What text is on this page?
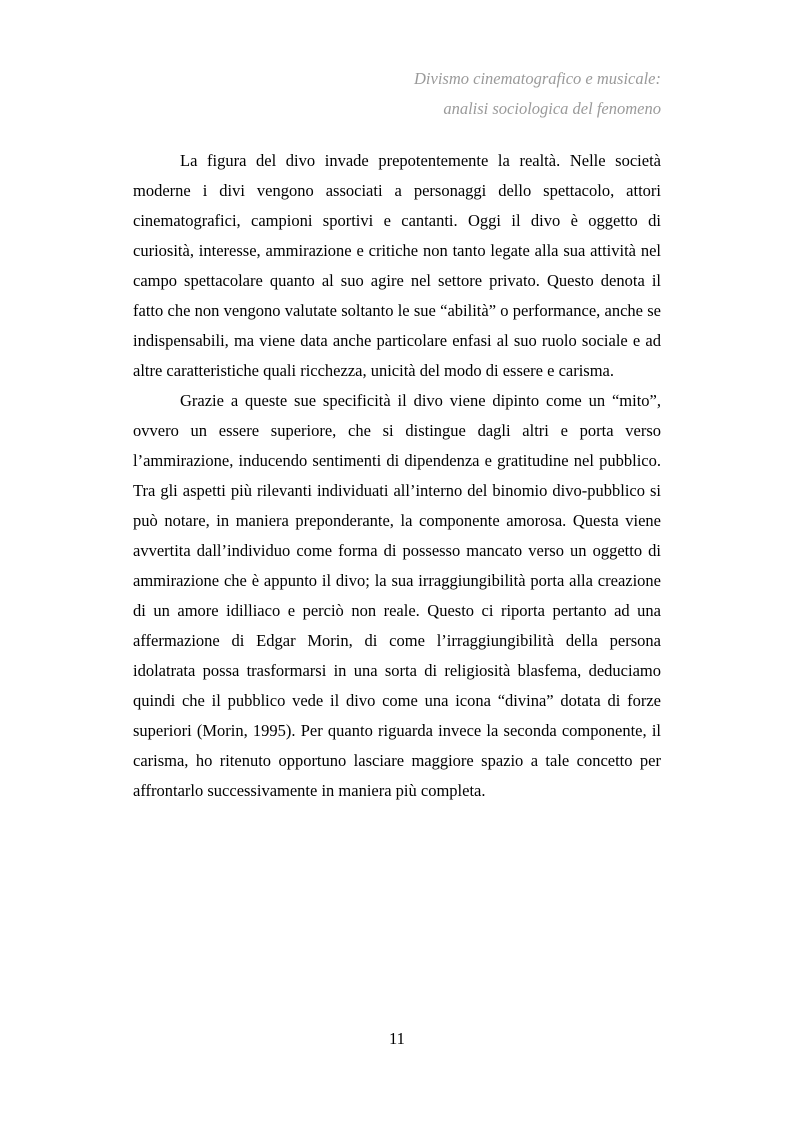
Divismo cinematografico e musicale:
analisi sociologica del fenomeno

La figura del divo invade prepotentemente la realtà. Nelle società moderne i divi vengono associati a personaggi dello spettacolo, attori cinematografici, campioni sportivi e cantanti. Oggi il divo è oggetto di curiosità, interesse, ammirazione e critiche non tanto legate alla sua attività nel campo spettacolare quanto al suo agire nel settore privato. Questo denota il fatto che non vengono valutate soltanto le sue “abilità” o performance, anche se indispensabili, ma viene data anche particolare enfasi al suo ruolo sociale e ad altre caratteristiche quali ricchezza, unicità del modo di essere e carisma.

Grazie a queste sue specificità il divo viene dipinto come un “mito”, ovvero un essere superiore, che si distingue dagli altri e porta verso l’ammirazione, inducendo sentimenti di dipendenza e gratitudine nel pubblico. Tra gli aspetti più rilevanti individuati all’interno del binomio divo-pubblico si può notare, in maniera preponderante, la componente amorosa. Questa viene avvertita dall’individuo come forma di possesso mancato verso un oggetto di ammirazione che è appunto il divo; la sua irraggiungibilità porta alla creazione di un amore idilliaco e perciò non reale. Questo ci riporta pertanto ad una affermazione di Edgar Morin, di come l’irraggiungibilità della persona idolatrata possa trasformarsi in una sorta di religiosità blasfema, deduciamo quindi che il pubblico vede il divo come una icona “divina” dotata di forze superiori (Morin, 1995). Per quanto riguarda invece la seconda componente, il carisma, ho ritenuto opportuno lasciare maggiore spazio a tale concetto per affrontarlo successivamente in maniera più completa.

11
